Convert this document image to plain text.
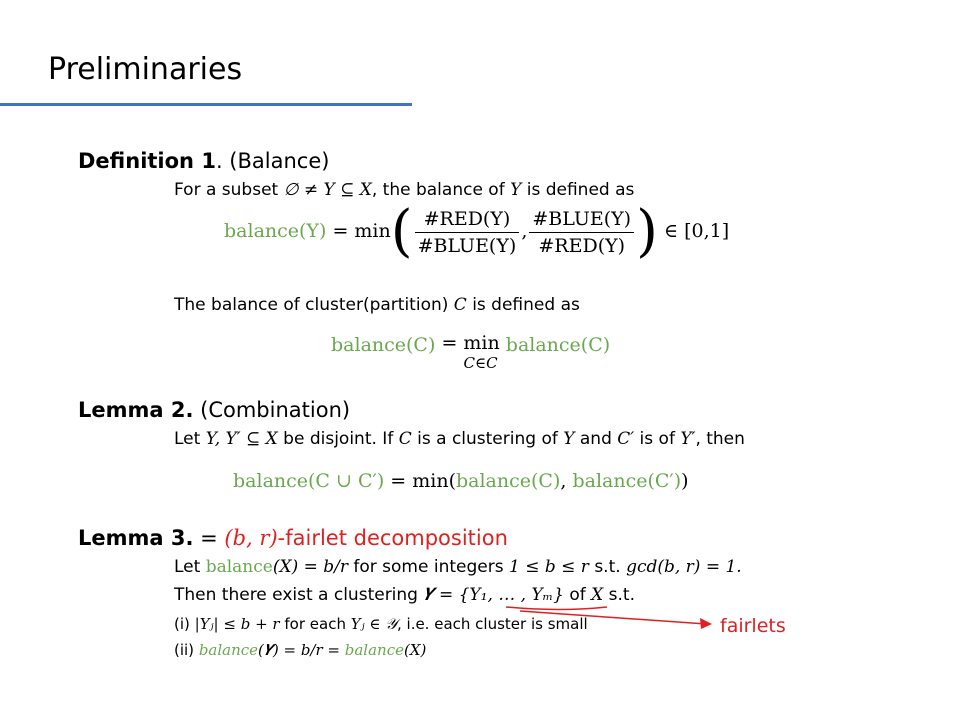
Preliminaries
Definition 1. (Balance)
For a subset ∅ ≠ Y ⊆ X, the balance of Y is defined as
balance(Y) = $\min( \frac{\text{\#RED(Y)}}{\text{\#BLUE(Y)}}$ , $\frac{\text{\#BLUE(Y)}}{\text{\#RED(Y)}}$ ) ∈ [0,1]
The balance of cluster(partition) C is defined as
balance(C) = min
C∈C balance(C)
Lemma 2. (Combination)
Let Y, Y′ ⊆ X be disjoint. If C is a clustering of Y and C′ is of Y′, then
balance(C ∪ C′) = min(balance(C), balance(C′))
Lemma 3. = (b, r)-fairlet decomposition
Let balance(X) = b/r for some integers 1 ≤ b ≤ r s.t. gcd(b, r) = 1.
Then there exist a clustering 𝒀 = {Y₁, … , Yₘ} of X s.t.
(i) |Yⱼ| ≤ b + r for each Yⱼ ∈ 𝒴, i.e. each cluster is small
(ii) balance(𝒀) = b/r = balance(X)
fairlets
